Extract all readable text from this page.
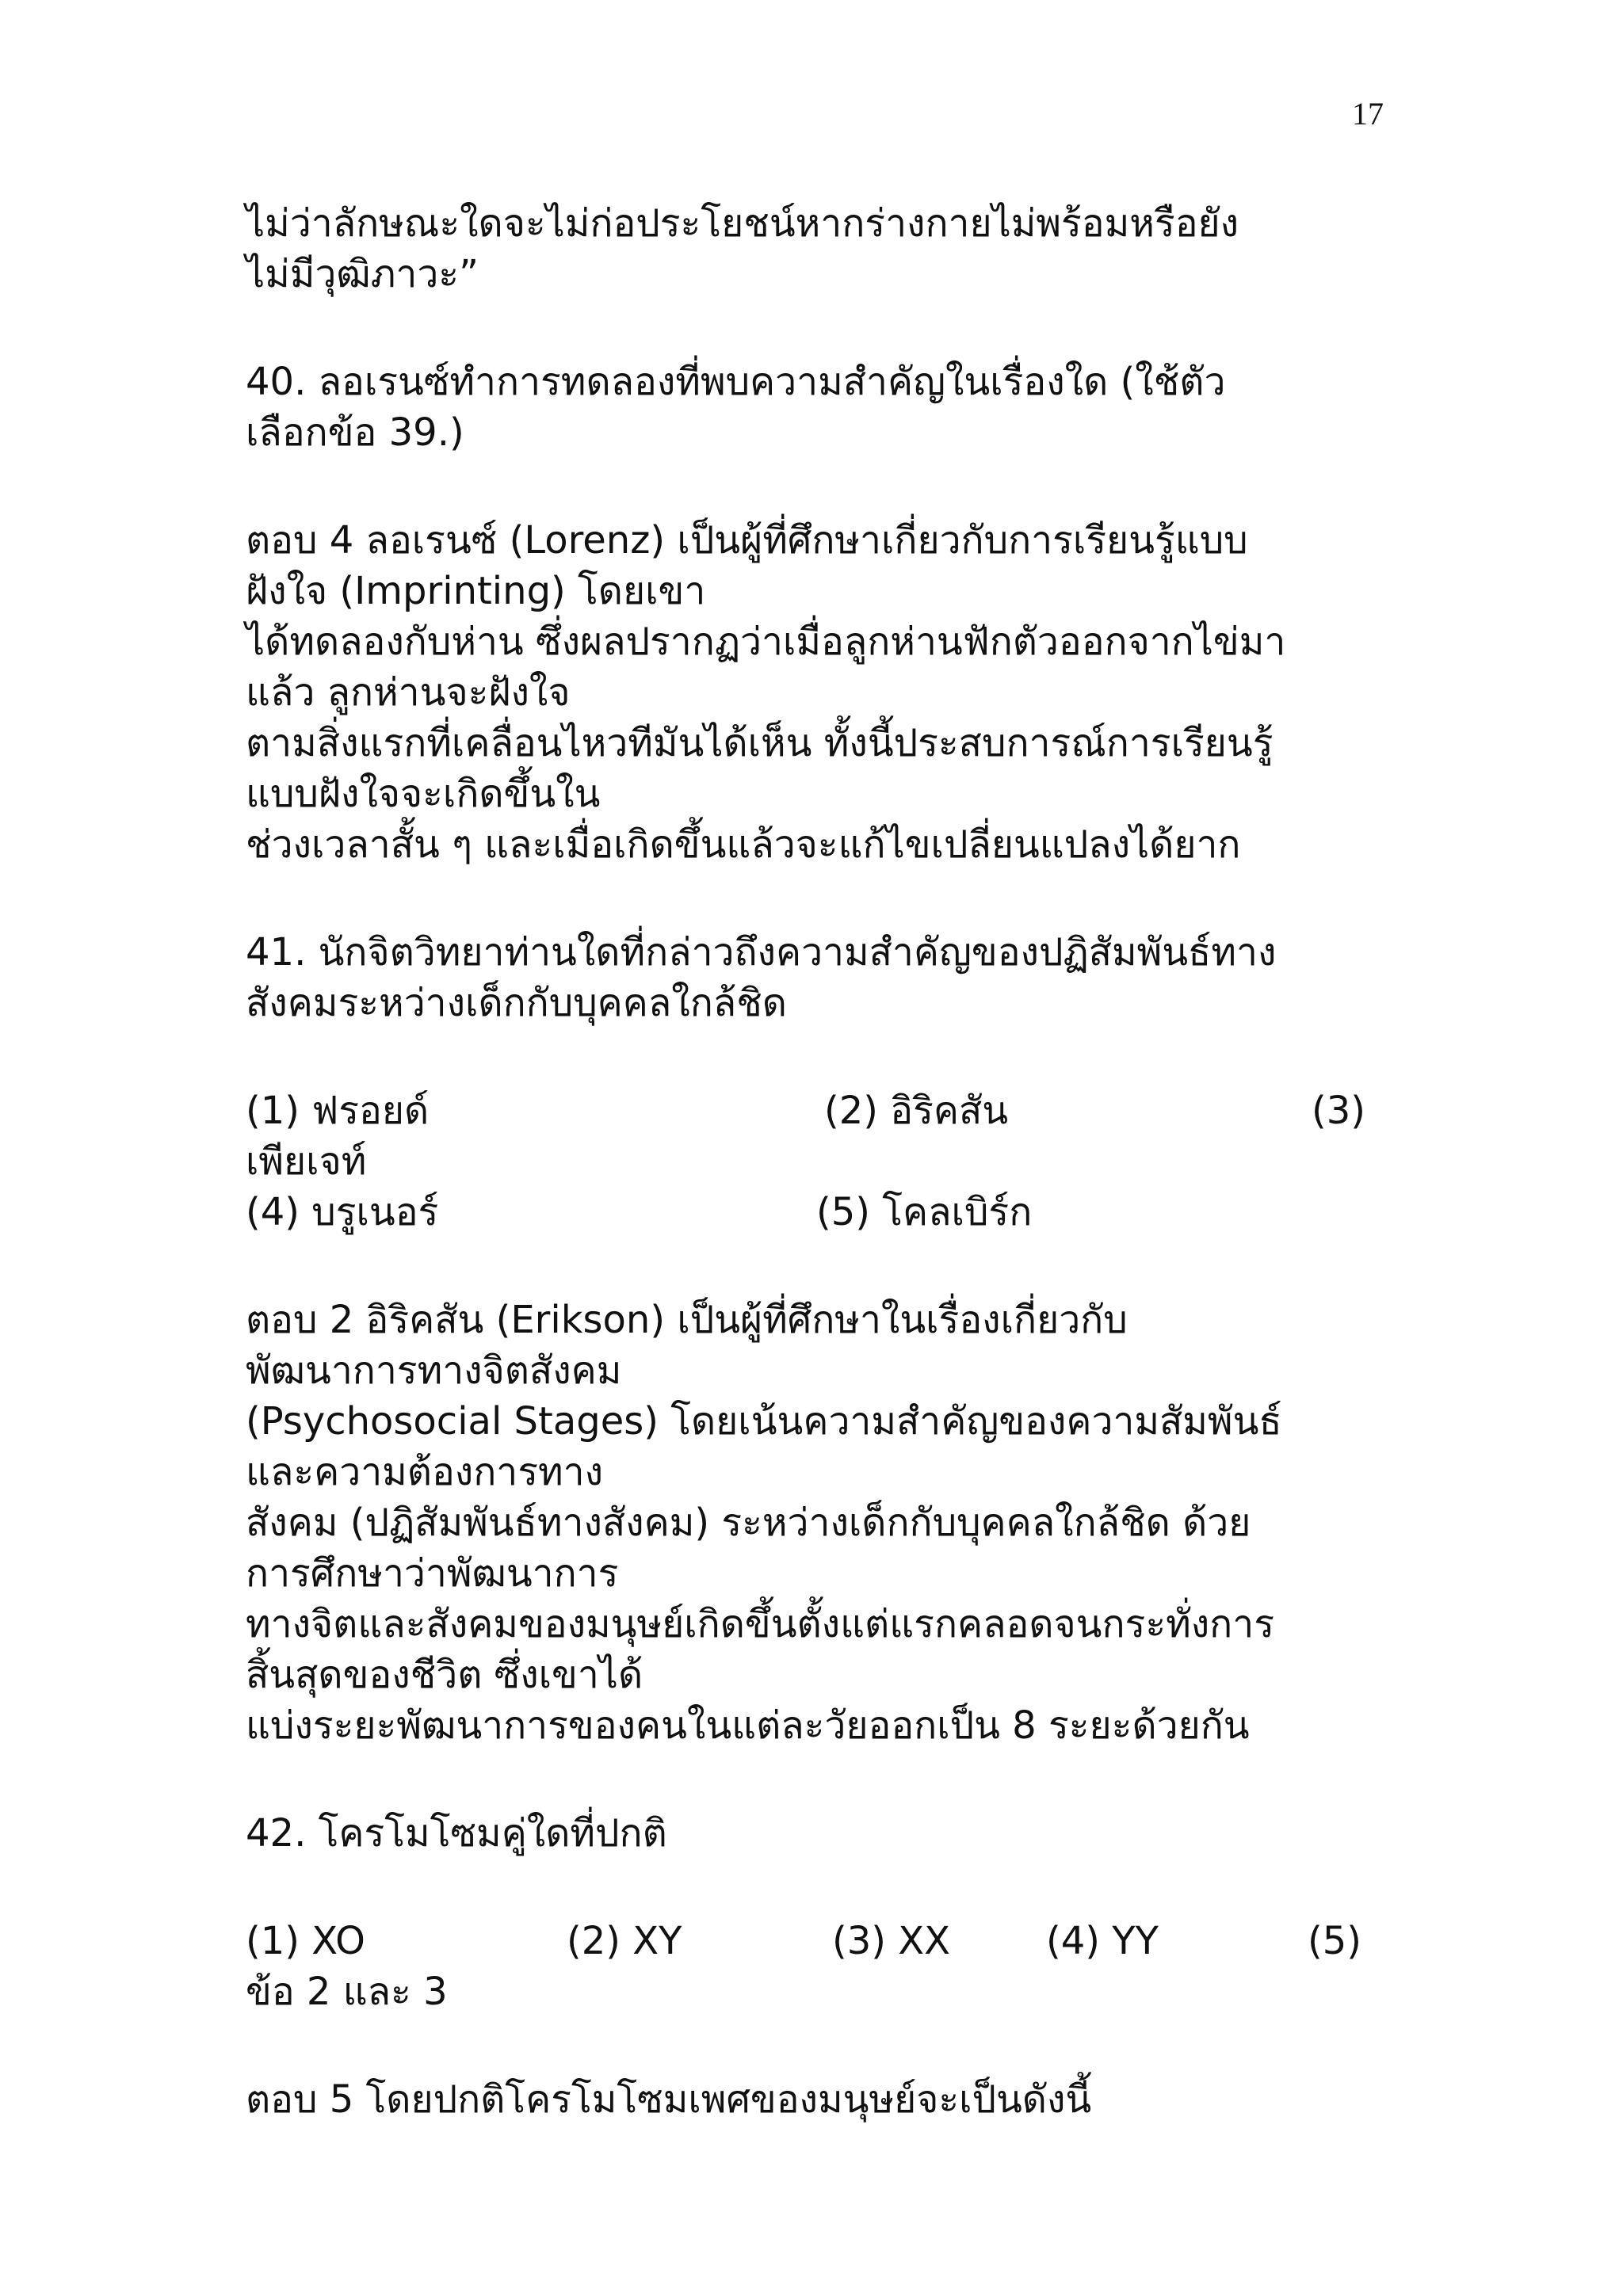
17
ไม่ว่าลักษณะใดจะไม่ก่อประโยชน์หากร่างกายไม่พร้อมหรือยัง
ไม่มีวุฒิภาวะ”
40. ลอเรนซ์ทำการทดลองที่พบความสำคัญในเรื่องใด (ใช้ตัว
เลือกข้อ 39.)
ตอบ 4 ลอเรนซ์ (Lorenz) เป็นผู้ที่ศึกษาเกี่ยวกับการเรียนรู้แบบ
ฝังใจ (Imprinting) โดยเขา
ได้ทดลองกับห่าน ซึ่งผลปรากฏว่าเมื่อลูกห่านฟักตัวออกจากไข่มา
แล้ว ลูกห่านจะฝังใจ
ตามสิ่งแรกที่เคลื่อนไหวทีมันได้เห็น ทั้งนี้ประสบการณ์การเรียนรู้
แบบฝังใจจะเกิดขึ้นใน
ช่วงเวลาสั้น ๆ และเมื่อเกิดขึ้นแล้วจะแก้ไขเปลี่ยนแปลงได้ยาก
41. นักจิตวิทยาท่านใดที่กล่าวถึงความสำคัญของปฏิสัมพันธ์ทาง
สังคมระหว่างเด็กกับบุคคลใกล้ชิด
(1) ฟรอยด์	(2) อิริคสัน	(3)
เพียเจท์
(4) บรูเนอร์	(5) โคลเบิร์ก
ตอบ 2 อิริคสัน (Erikson) เป็นผู้ที่ศึกษาในเรื่องเกี่ยวกับ
พัฒนาการทางจิตสังคม
(Psychosocial Stages) โดยเน้นความสำคัญของความสัมพันธ์
และความต้องการทาง
สังคม (ปฏิสัมพันธ์ทางสังคม) ระหว่างเด็กกับบุคคลใกล้ชิด ด้วย
การศึกษาว่าพัฒนาการ
ทางจิตและสังคมของมนุษย์เกิดขึ้นตั้งแต่แรกคลอดจนกระทั่งการ
สิ้นสุดของชีวิต ซึ่งเขาได้
แบ่งระยะพัฒนาการของคนในแต่ละวัยออกเป็น 8 ระยะด้วยกัน
42. โครโมโซมคู่ใดที่ปกติ
(1) XO	(2) XY	(3) XX	(4) YY	(5)
ข้อ 2 และ 3
ตอบ 5 โดยปกติโครโมโซมเพศของมนุษย์จะเป็นดังนี้
